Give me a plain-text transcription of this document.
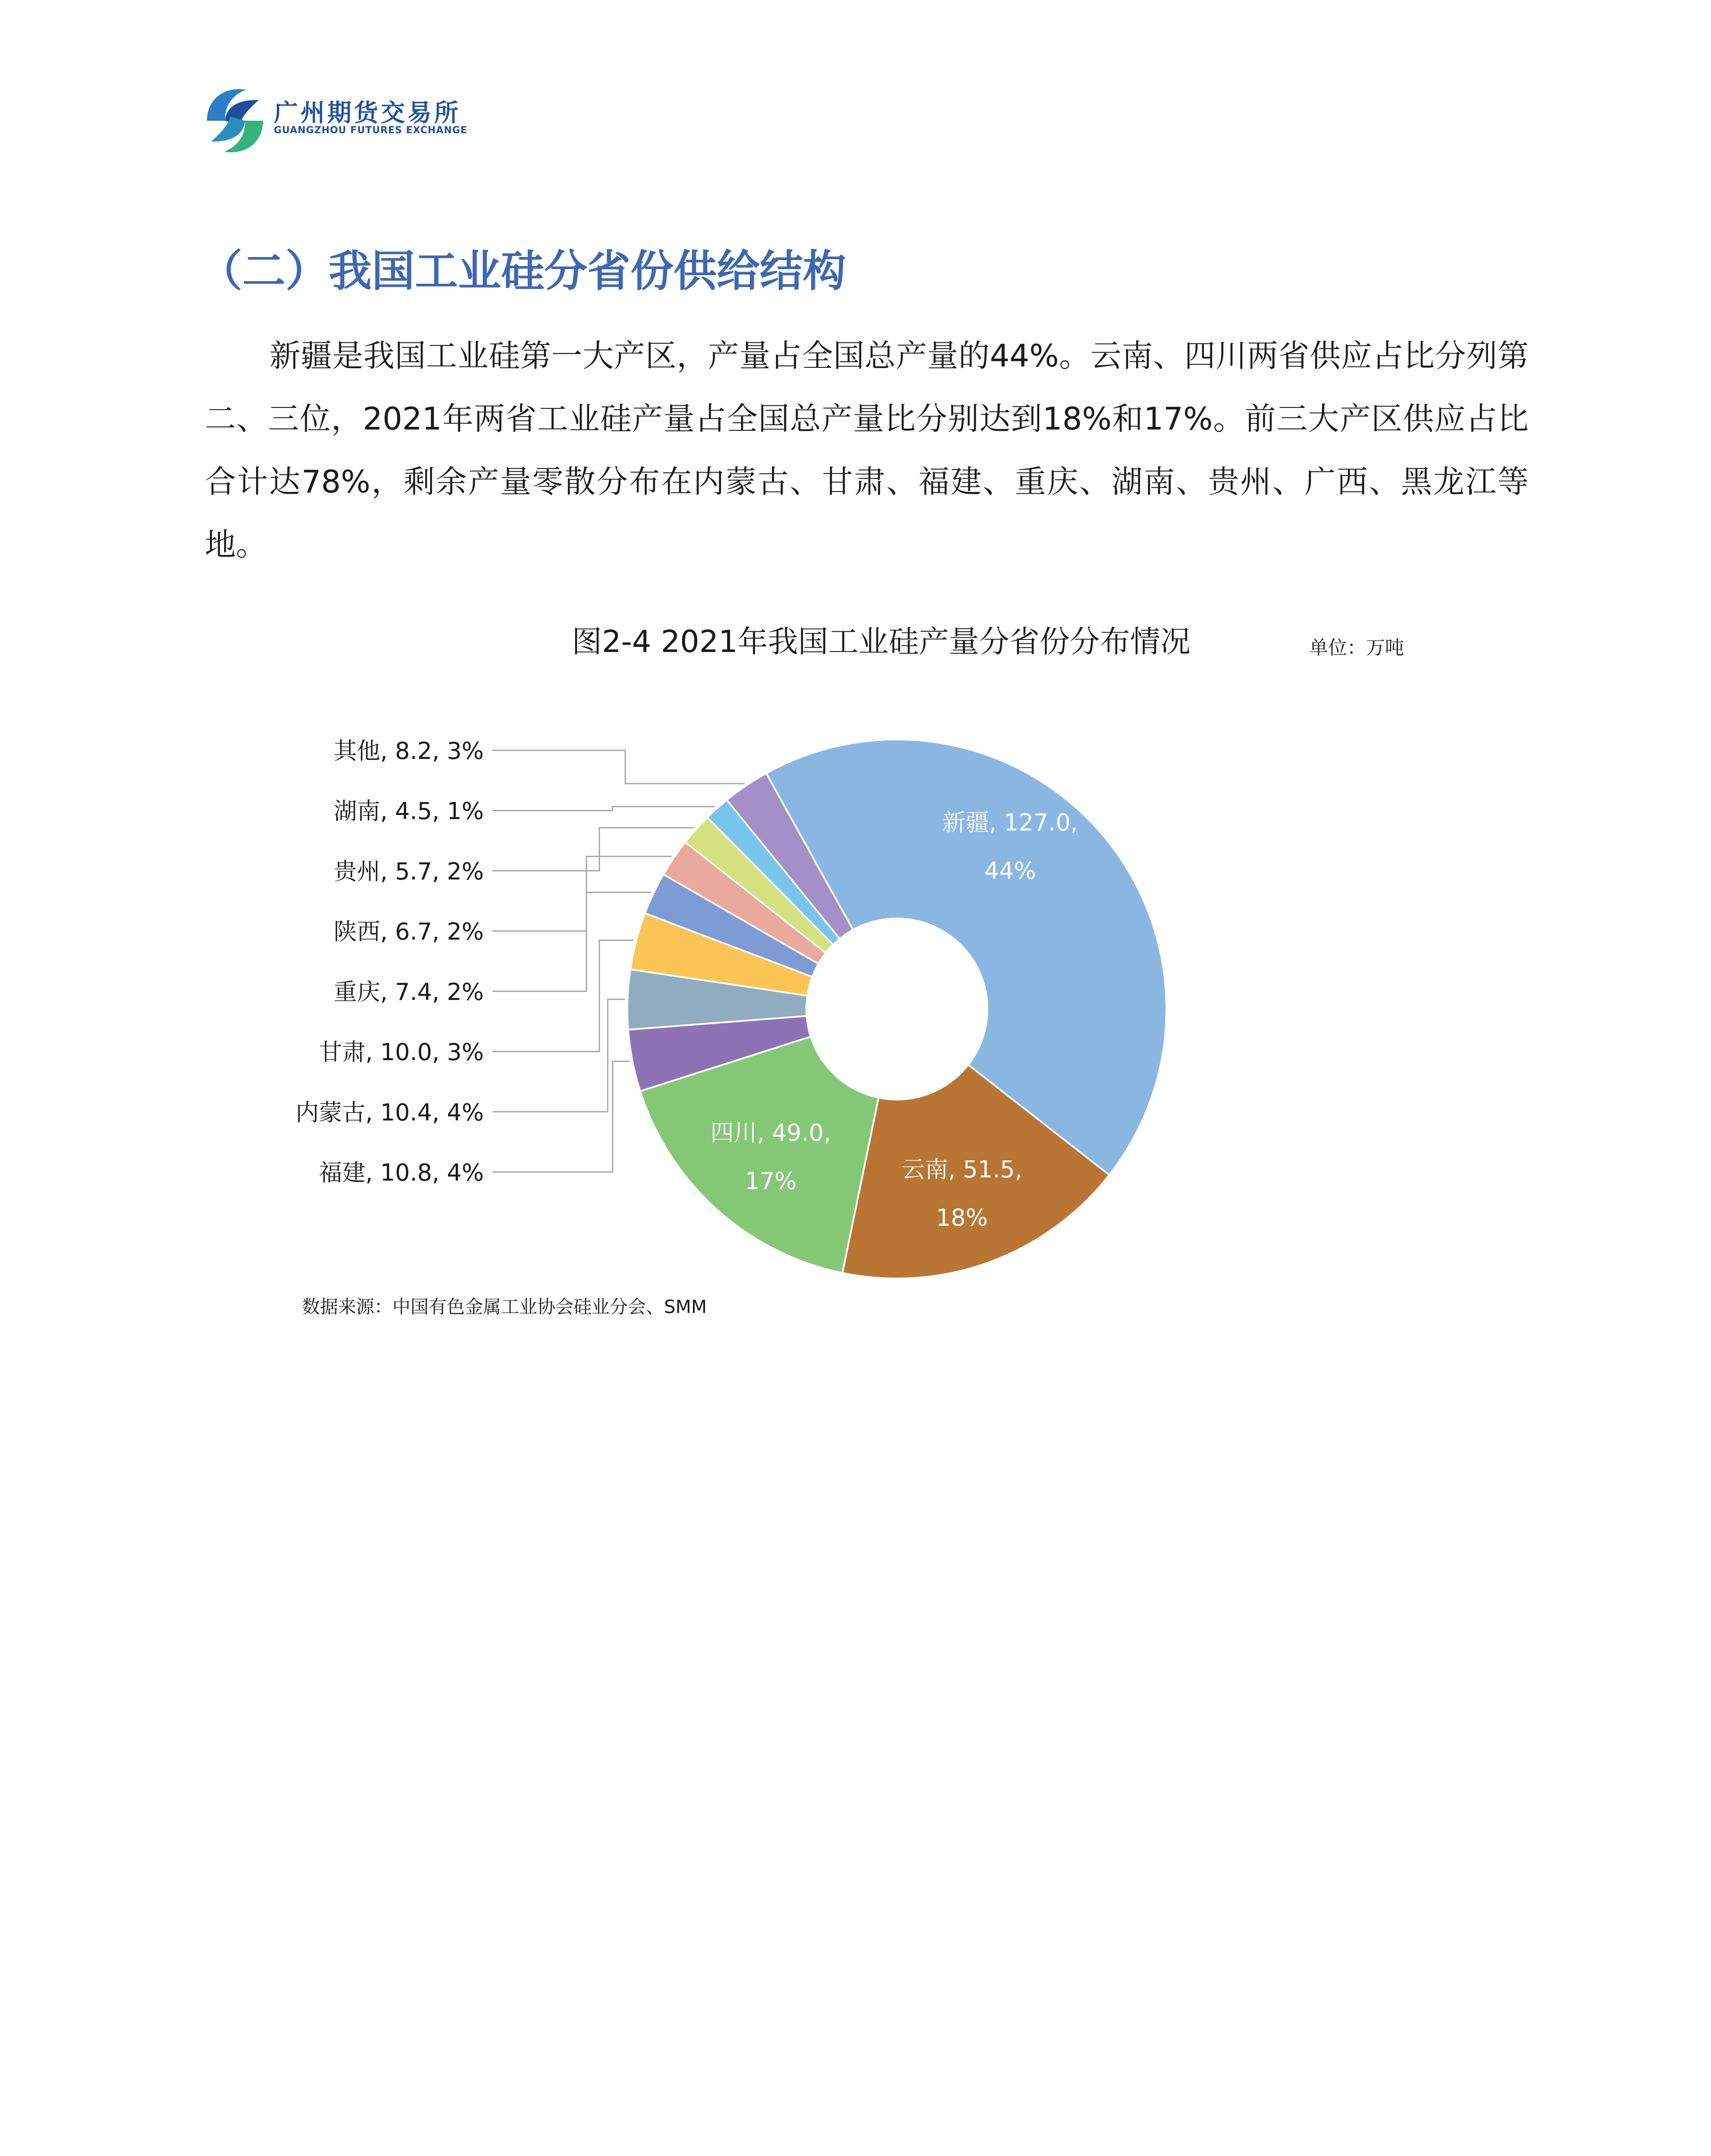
广州期货交易所
GUANGZHOU FUTURES EXCHANGE
（二）我国工业硅分省份供给结构
新疆是我国工业硅第一大产区，产量占全国总产量的44%。云南、四川两省供应占比分列第二、三位，2021年两省工业硅产量占全国总产量比分别达到18%和17%。前三大产区供应占比合计达78%，剩余产量零散分布在内蒙古、甘肃、福建、重庆、湖南、贵州、广西、黑龙江等地。
图2-4 2021年我国工业硅产量分省份分布情况	单位：万吨
新疆, 127.0,
44%
云南, 51.5,
18%
四川, 49.0,
17%
福建, 10.8, 4%
内蒙古, 10.4, 4%
甘肃, 10.0, 3%
重庆, 7.4, 2%
陕西, 6.7, 2%
贵州, 5.7, 2%
湖南, 4.5, 1%
其他, 8.2, 3%
数据来源：中国有色金属工业协会硅业分会、SMM
